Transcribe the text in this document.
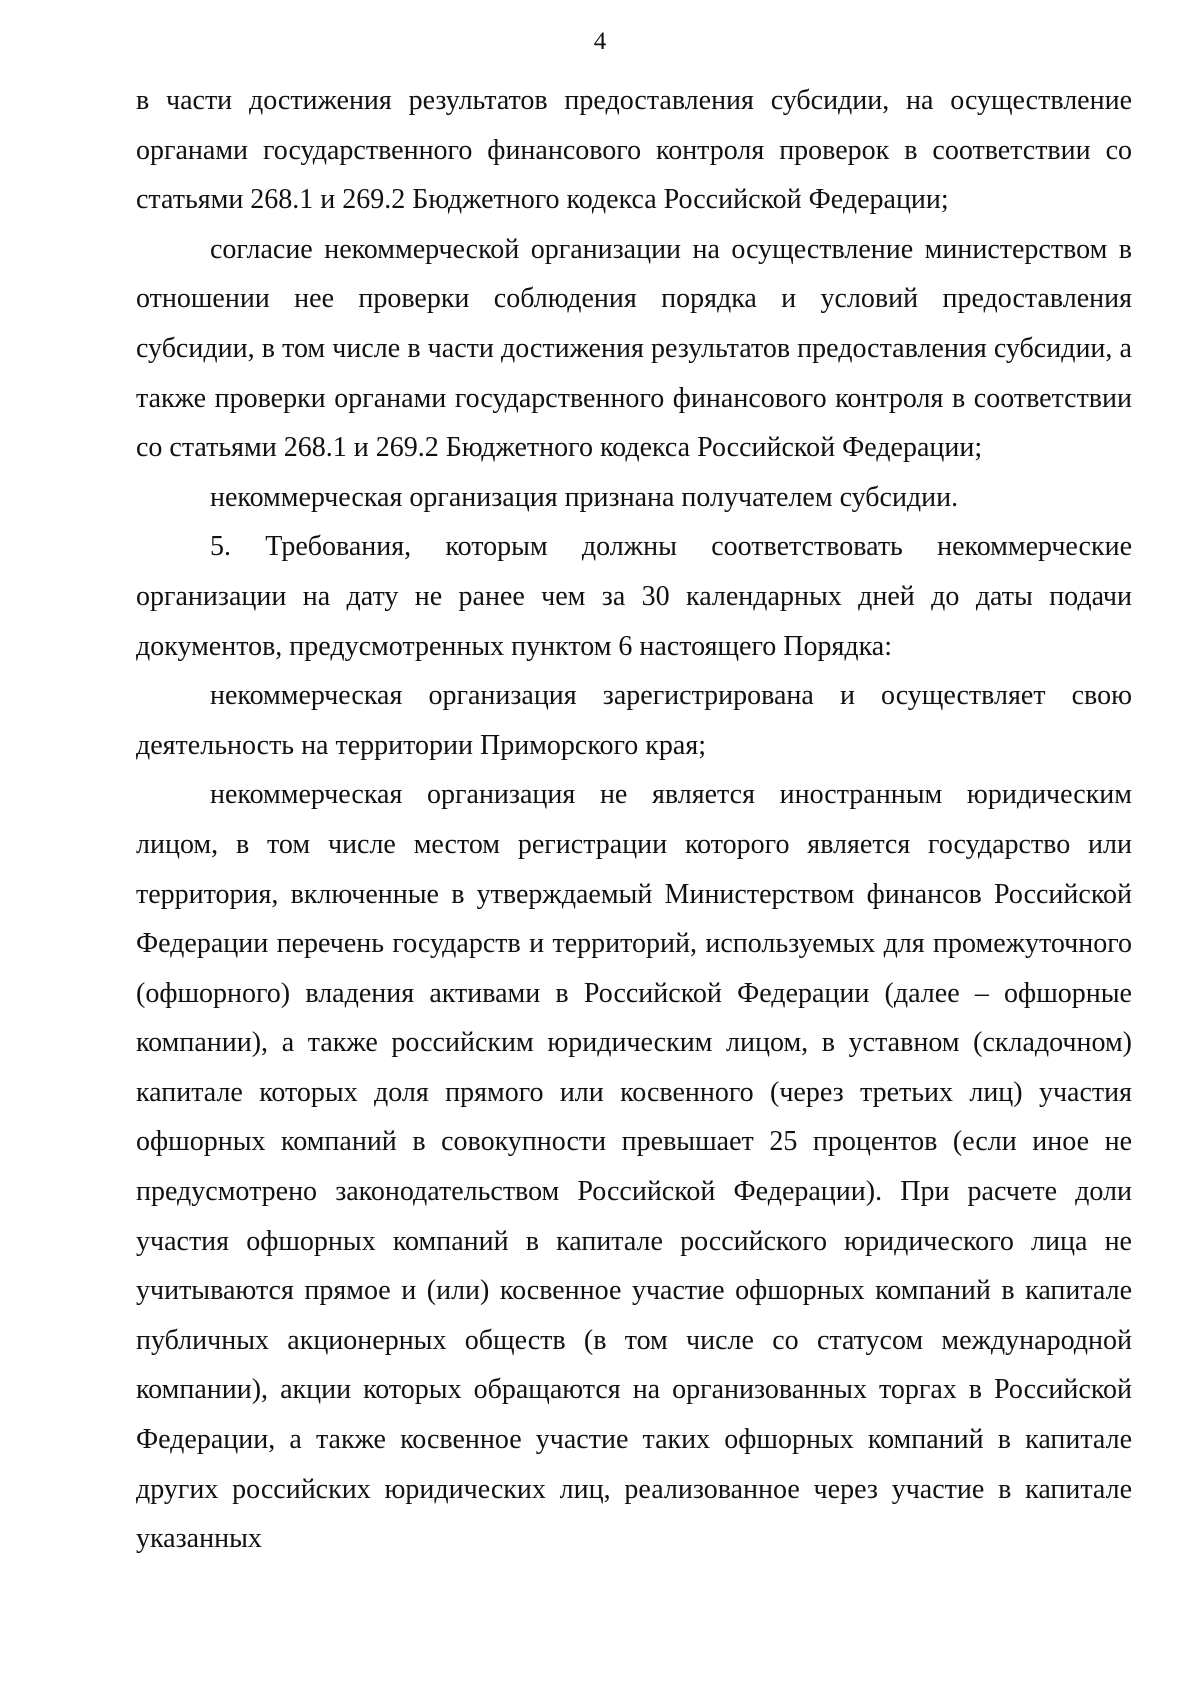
4

в части достижения результатов предоставления субсидии, на осуществление органами государственного финансового контроля проверок в соответствии со статьями 268.1 и 269.2 Бюджетного кодекса Российской Федерации;

согласие некоммерческой организации на осуществление министерством в отношении нее проверки соблюдения порядка и условий предоставления субсидии, в том числе в части достижения результатов предоставления субсидии, а также проверки органами государственного финансового контроля в соответствии со статьями 268.1 и 269.2 Бюджетного кодекса Российской Федерации;

некоммерческая организация признана получателем субсидии.

5. Требования, которым должны соответствовать некоммерческие организации на дату не ранее чем за 30 календарных дней до даты подачи документов, предусмотренных пунктом 6 настоящего Порядка:

некоммерческая организация зарегистрирована и осуществляет свою деятельность на территории Приморского края;

некоммерческая организация не является иностранным юридическим лицом, в том числе местом регистрации которого является государство или территория, включенные в утверждаемый Министерством финансов Российской Федерации перечень государств и территорий, используемых для промежуточного (офшорного) владения активами в Российской Федерации (далее – офшорные компании), а также российским юридическим лицом, в уставном (складочном) капитале которых доля прямого или косвенного (через третьих лиц) участия офшорных компаний в совокупности превышает 25 процентов (если иное не предусмотрено законодательством Российской Федерации). При расчете доли участия офшорных компаний в капитале российского юридического лица не учитываются прямое и (или) косвенное участие офшорных компаний в капитале публичных акционерных обществ (в том числе со статусом международной компании), акции которых обращаются на организованных торгах в Российской Федерации, а также косвенное участие таких офшорных компаний в капитале других российских юридических лиц, реализованное через участие в капитале указанных
